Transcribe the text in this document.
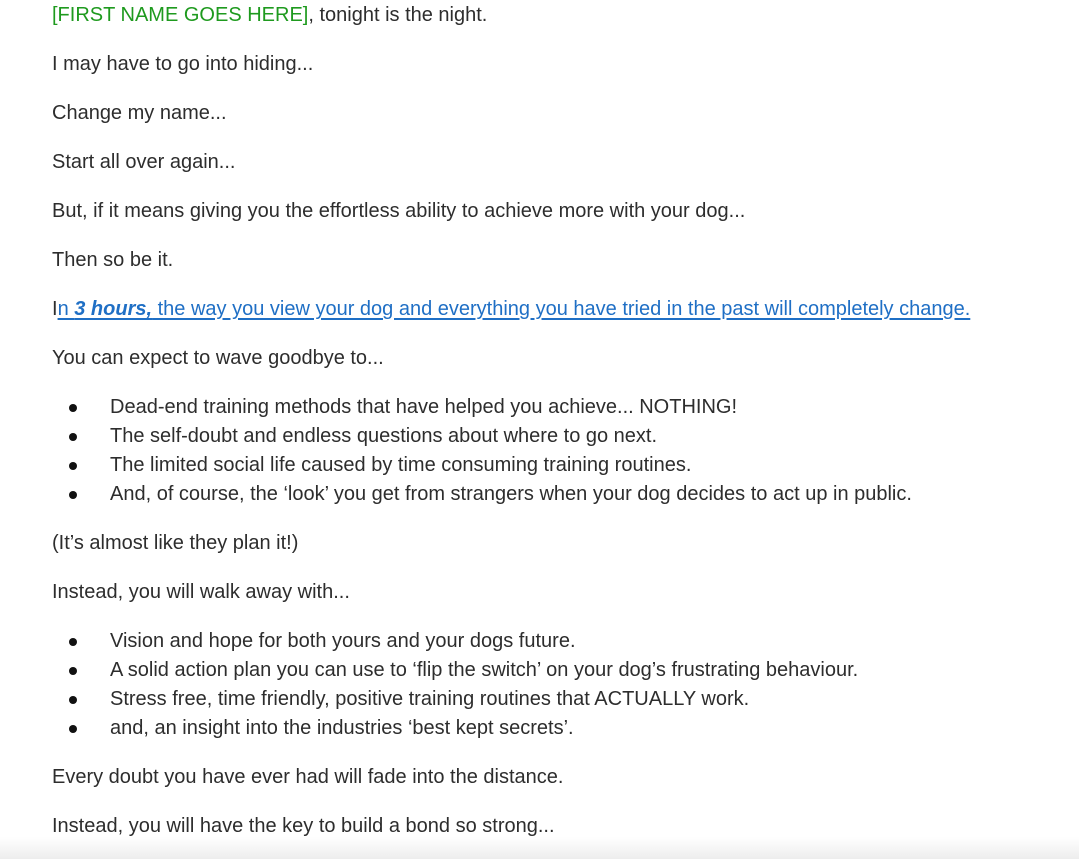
[FIRST NAME GOES HERE], tonight is the night.

I may have to go into hiding...

Change my name...

Start all over again...

But, if it means giving you the effortless ability to achieve more with your dog...

Then so be it.

In 3 hours, the way you view your dog and everything you have tried in the past will completely change.

You can expect to wave goodbye to...

Dead-end training methods that have helped you achieve... NOTHING!
The self-doubt and endless questions about where to go next.
The limited social life caused by time consuming training routines.
And, of course, the ‘look’ you get from strangers when your dog decides to act up in public.

(It’s almost like they plan it!)

Instead, you will walk away with...

Vision and hope for both yours and your dogs future.
A solid action plan you can use to ‘flip the switch’ on your dog’s frustrating behaviour.
Stress free, time friendly, positive training routines that ACTUALLY work.
and, an insight into the industries ‘best kept secrets’.

Every doubt you have ever had will fade into the distance.

Instead, you will have the key to build a bond so strong...
